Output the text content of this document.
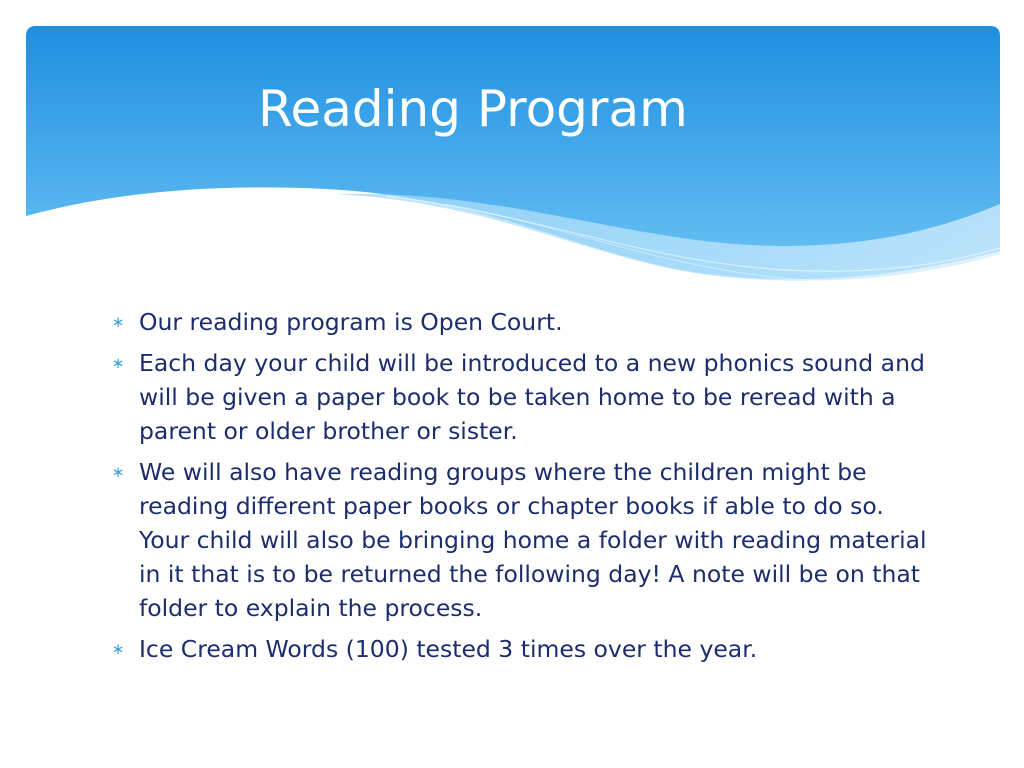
Reading Program
∗ Our reading program is Open Court.
∗ Each day your child will be introduced to a new phonics sound and will be given a paper book to be taken home to be reread with a parent or older brother or sister.
∗ We will also have reading groups where the children might be reading different paper books or chapter books if able to do so. Your child will also be bringing home a folder with reading material in it that is to be returned the following day! A note will be on that folder to explain the process.
∗ Ice Cream Words (100) tested 3 times over the year.
